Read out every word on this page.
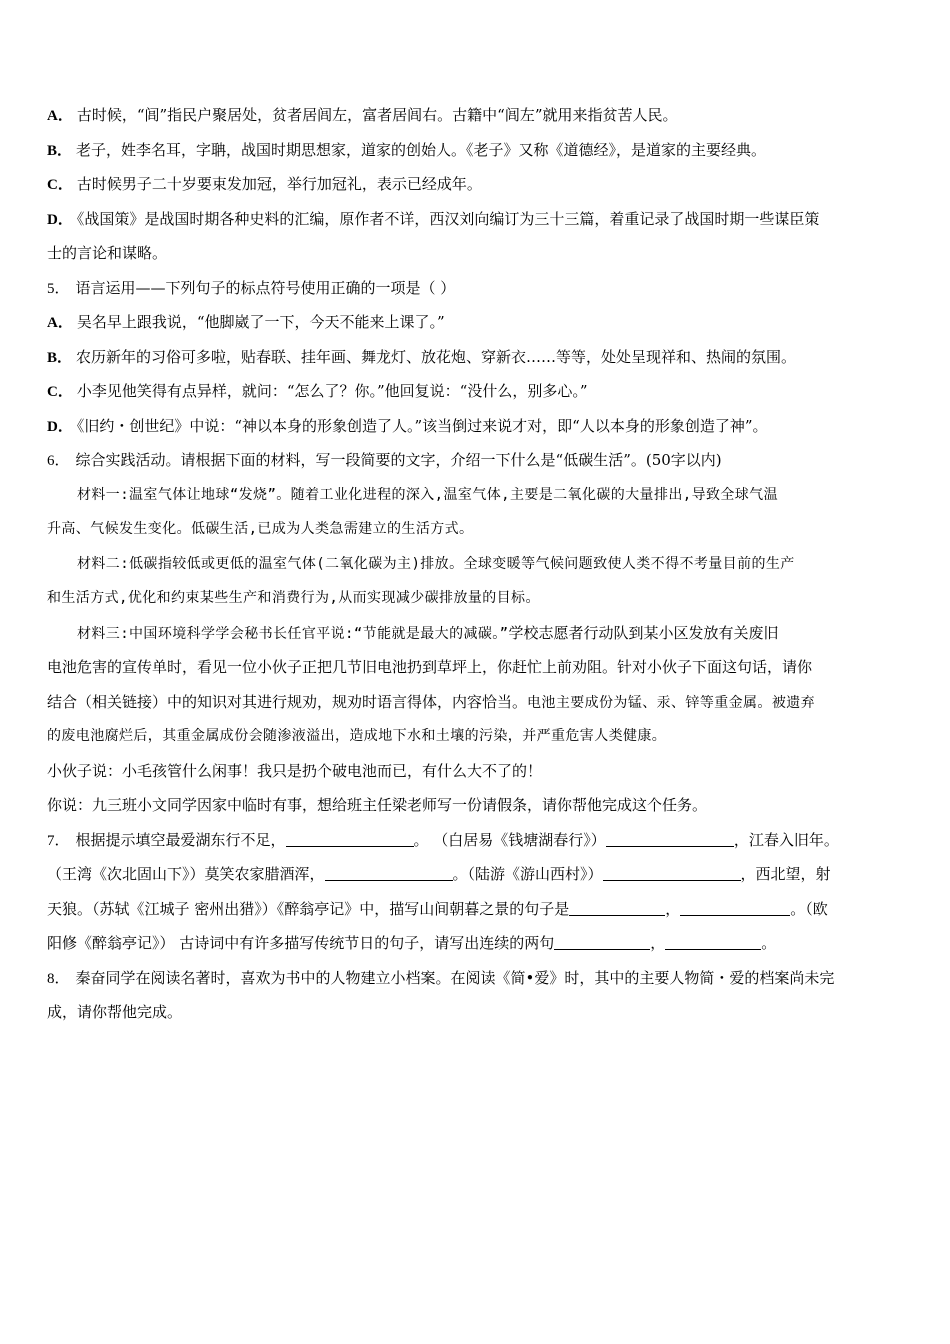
A． 古时候，“闾”指民户聚居处，贫者居闾左，富者居闾右。古籍中“闾左”就用来指贫苦人民。
B． 老子，姓李名耳，字聃，战国时期思想家，道家的创始人。《老子》又称《道德经》，是道家的主要经典。
C． 古时候男子二十岁要束发加冠，举行加冠礼，表示已经成年。
D． 《战国策》是战国时期各种史料的汇编，原作者不详，西汉刘向编订为三十三篇，着重记录了战国时期一些谋臣策
士的言论和谋略。
5． 语言运用——下列句子的标点符号使用正确的一项是（ ）
A． 吴名早上跟我说，“他脚崴了一下，今天不能来上课了。”
B． 农历新年的习俗可多啦，贴春联、挂年画、舞龙灯、放花炮、穿新衣……等等，处处呈现祥和、热闹的氛围。
C． 小李见他笑得有点异样，就问：“怎么了？你。”他回复说：“没什么，别多心。”
D． 《旧约・创世纪》中说：“神以本身的形象创造了人。”该当倒过来说才对，即“人以本身的形象创造了神”。
6． 综合实践活动。请根据下面的材料，写一段简要的文字，介绍一下什么是“低碳生活”。(50字以内)
材料一:温室气体让地球“发烧”。随着工业化进程的深入,温室气体,主要是二氧化碳的大量排出,导致全球气温
升高、气候发生变化。低碳生活,已成为人类急需建立的生活方式。
材料二:低碳指较低或更低的温室气体(二氧化碳为主)排放。全球变暖等气候问题致使人类不得不考量目前的生产
和生活方式,优化和约束某些生产和消费行为,从而实现减少碳排放量的目标。
材料三:中国环境科学学会秘书长任官平说:“节能就是最大的减碳。”学校志愿者行动队到某小区发放有关废旧
电池危害的宣传单时，看见一位小伙子正把几节旧电池扔到草坪上，你赶忙上前劝阻。针对小伙子下面这句话，请你
结合（相关链接）中的知识对其进行规劝，规劝时语言得体，内容恰当。电池主要成份为锰、汞、锌等重金属。被遗弃
的废电池腐烂后，其重金属成份会随渗液溢出，造成地下水和土壤的污染，并严重危害人类健康。
小伙子说：小毛孩管什么闲事！我只是扔个破电池而已，有什么大不了的！
你说：九三班小文同学因家中临时有事，想给班主任梁老师写一份请假条，请你帮他完成这个任务。
7． 根据提示填空最爱湖东行不足，	。 （白居易《钱塘湖春行》）	，江春入旧年。
（王湾《次北固山下》）莫笑农家腊酒浑，	。（陆游《游山西村》）	，西北望，射
天狼。（苏轼《江城子 密州出猎》）《醉翁亭记》中，描写山间朝暮之景的句子是	，	。（欧
阳修《醉翁亭记》） 古诗词中有许多描写传统节日的句子，请写出连续的两句	，	。
8． 秦奋同学在阅读名著时，喜欢为书中的人物建立小档案。在阅读《简•爱》时，其中的主要人物简・爱的档案尚未完
成，请你帮他完成。
